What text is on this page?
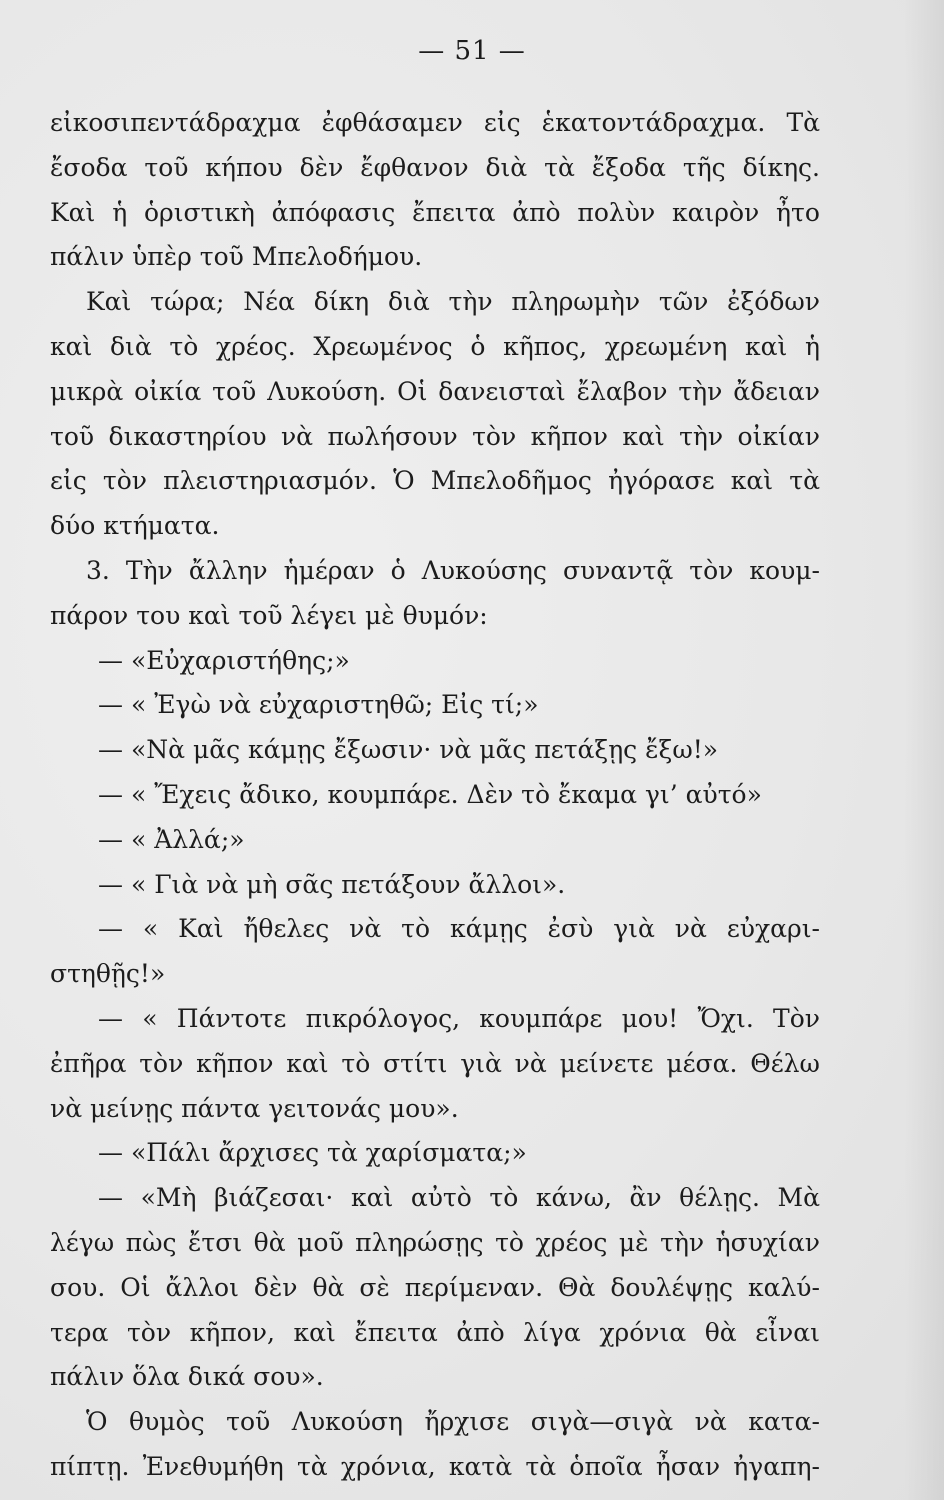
— 51 —
εἰκοσιπεντάδραχμα ἐφθάσαμεν εἰς ἑκατοντάδραχμα. Τὰ
ἔσοδα τοῦ κήπου δὲν ἔφθανον διὰ τὰ ἔξοδα τῆς δίκης.
Καὶ ἡ ὁριστικὴ ἀπόφασις ἔπειτα ἀπὸ πολὺν καιρὸν ἦτο
πάλιν ὑπὲρ τοῦ Μπελοδήμου.
Καὶ τώρα; Νέα δίκη διὰ τὴν πληρωμὴν τῶν ἐξόδων
καὶ διὰ τὸ χρέος. Χρεωμένος ὁ κῆπος, χρεωμένη καὶ ἡ
μικρὰ οἰκία τοῦ Λυκούση. Οἱ δανεισταὶ ἔλαβον τὴν ἄδειαν
τοῦ δικαστηρίου νὰ πωλήσουν τὸν κῆπον καὶ τὴν οἰκίαν
εἰς τὸν πλειστηριασμόν. Ὁ Μπελοδῆμος ἠγόρασε καὶ τὰ
δύο κτήματα.
3. Τὴν ἄλλην ἡμέραν ὁ Λυκούσης συναντᾷ τὸν κουμ-
πάρον του καὶ τοῦ λέγει μὲ θυμόν:
— «Εὐχαριστήθης;»
— « Ἐγὼ νὰ εὐχαριστηθῶ; Εἰς τί;»
— «Νὰ μᾶς κάμῃς ἔξωσιν· νὰ μᾶς πετάξῃς ἔξω!»
— « Ἔχεις ἄδικο, κουμπάρε. Δὲν τὸ ἔκαμα γι’ αὐτό»
— « Ἀλλά;»
— « Γιὰ νὰ μὴ σᾶς πετάξουν ἄλλοι».
— « Καὶ ἤθελες νὰ τὸ κάμῃς ἐσὺ γιὰ νὰ εὐχαρι-
στηθῇς!»
— « Πάντοτε πικρόλογος, κουμπάρε μου! Ὄχι. Τὸν
ἐπῆρα τὸν κῆπον καὶ τὸ στίτι γιὰ νὰ μείνετε μέσα. Θέλω
νὰ μείνῃς πάντα γειτονάς μου».
— «Πάλι ἄρχισες τὰ χαρίσματα;»
— «Μὴ βιάζεσαι· καὶ αὐτὸ τὸ κάνω, ἂν θέλῃς. Μὰ
λέγω πὼς ἔτσι θὰ μοῦ πληρώσῃς τὸ χρέος μὲ τὴν ἡσυχίαν
σου. Οἱ ἄλλοι δὲν θὰ σὲ περίμεναν. Θὰ δουλέψῃς καλύ-
τερα τὸν κῆπον, καὶ ἔπειτα ἀπὸ λίγα χρόνια θὰ εἶναι
πάλιν ὅλα δικά σου».
Ὁ θυμὸς τοῦ Λυκούση ἤρχισε σιγὰ—σιγὰ νὰ κατα-
πίπτῃ. Ἐνεθυμήθη τὰ χρόνια, κατὰ τὰ ὁποῖα ἦσαν ἠγαπη-
